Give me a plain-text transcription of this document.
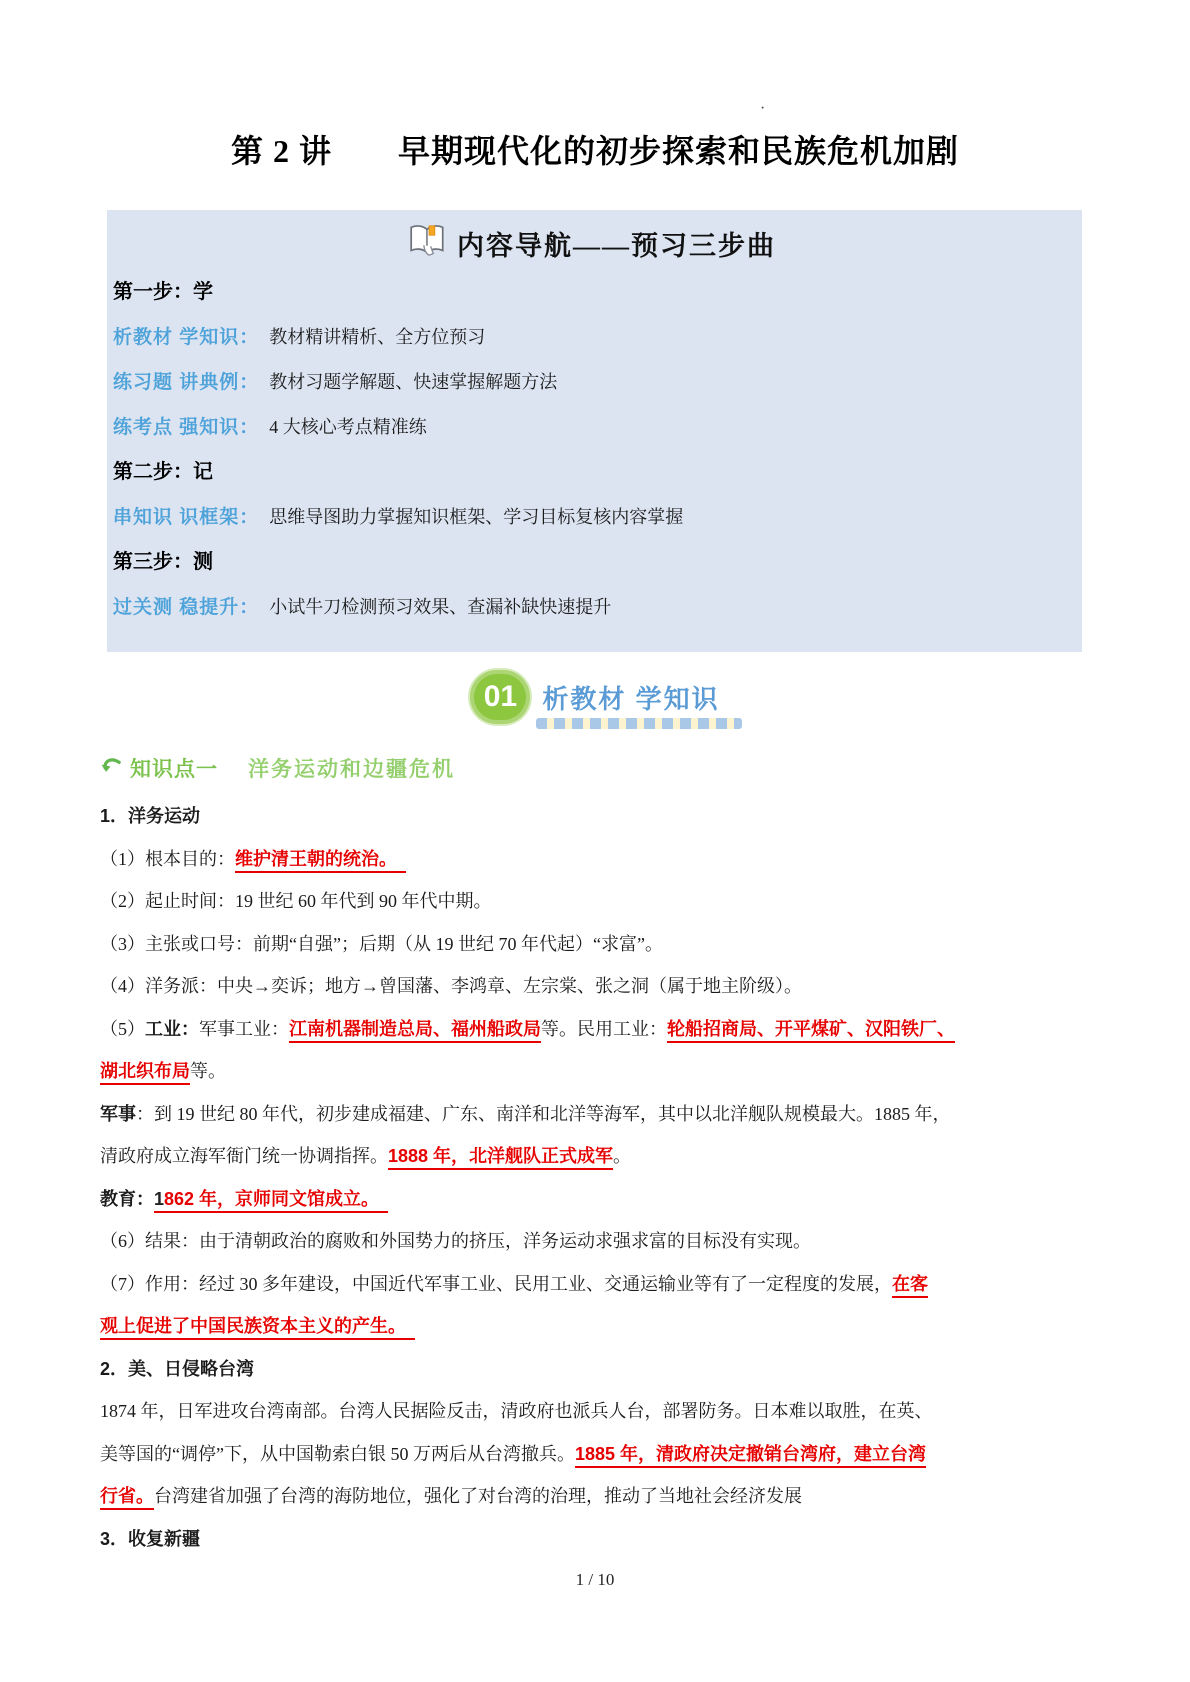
·
第 2 讲　　早期现代化的初步探索和民族危机加剧
内容导航——预习三步曲
第一步：学
析教材 学知识： 教材精讲精析、全方位预习
练习题 讲典例： 教材习题学解题、快速掌握解题方法
练考点 强知识： 4 大核心考点精准练
第二步：记
串知识 识框架： 思维导图助力掌握知识框架、学习目标复核内容掌握
第三步：测
过关测 稳提升： 小试牛刀检测预习效果、查漏补缺快速提升
01 析教材 学知识
知识点一 洋务运动和边疆危机
1．洋务运动
（1）根本目的：维护清王朝的统治。　
（2）起止时间：19 世纪 60 年代到 90 年代中期。
（3）主张或口号：前期“自强”；后期（从 19 世纪 70 年代起）“求富”。
（4）洋务派：中央→奕诉；地方→曾国藩、李鸿章、左宗棠、张之洞（属于地主阶级）。
（5）工业：军事工业：江南机器制造总局、福州船政局等。民用工业：轮船招商局、开平煤矿、汉阳铁厂、
湖北织布局等。
军事：到 19 世纪 80 年代，初步建成福建、广东、南洋和北洋等海军，其中以北洋舰队规模最大。1885 年，
清政府成立海军衙门统一协调指挥。1888 年，北洋舰队正式成军。
教育：1862 年，京师同文馆成立。　
（6）结果：由于清朝政治的腐败和外国势力的挤压，洋务运动求强求富的目标没有实现。
（7）作用：经过 30 多年建设，中国近代军事工业、民用工业、交通运输业等有了一定程度的发展，在客
观上促进了中国民族资本主义的产生。　
2．美、日侵略台湾
1874 年，日军进攻台湾南部。台湾人民据险反击，清政府也派兵人台，部署防务。日本难以取胜，在英、
美等国的“调停”下，从中国勒索白银 50 万两后从台湾撤兵。1885 年，清政府决定撤销台湾府，建立台湾
行省。台湾建省加强了台湾的海防地位，强化了对台湾的治理，推动了当地社会经济发展
3．收复新疆
1 / 10
